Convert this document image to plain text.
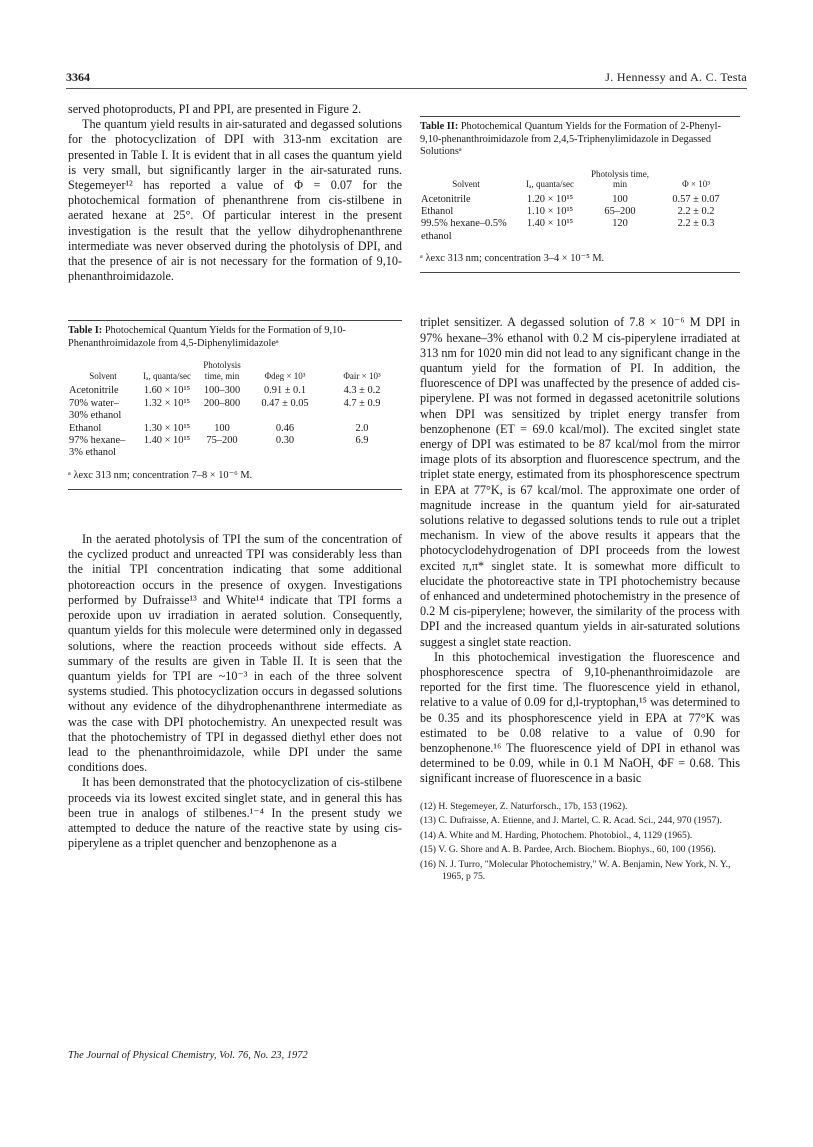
3364	J. Hennessy and A. C. Testa

served photoproducts, PI and PPI, are presented in Figure 2.

The quantum yield results in air-saturated and degassed solutions for the photocyclization of DPI with 313-nm excitation are presented in Table I. It is evident that in all cases the quantum yield is very small, but significantly larger in the air-saturated runs. Stegemeyer¹² has reported a value of Φ = 0.07 for the photochemical formation of phenanthrene from cis-stilbene in aerated hexane at 25°. Of particular interest in the present investigation is the result that the yellow dihydrophenanthrene intermediate was never observed during the photolysis of DPI, and that the presence of air is not necessary for the formation of 9,10-phenanthroimidazole.

Table I: Photochemical Quantum Yields for the Formation of 9,10-Phenanthroimidazole from 4,5-Diphenylimidazoleᵃ
Solvent	Iₐ, quanta/sec	Photolysis time, min	Φdeg × 10³	Φair × 10³
Acetonitrile	1.60 × 10¹⁵	100–300	0.91 ± 0.1	4.3 ± 0.2
70% water–30% ethanol	1.32 × 10¹⁵	200–800	0.47 ± 0.05	4.7 ± 0.9
Ethanol	1.30 × 10¹⁵	100	0.46	2.0
97% hexane–3% ethanol	1.40 × 10¹⁵	75–200	0.30	6.9
ᵃ λexc 313 nm; concentration 7–8 × 10⁻⁶ M.

In the aerated photolysis of TPI the sum of the concentration of the cyclized product and unreacted TPI was considerably less than the initial TPI concentration indicating that some additional photoreaction occurs in the presence of oxygen. Investigations performed by Dufraisse¹³ and White¹⁴ indicate that TPI forms a peroxide upon uv irradiation in aerated solution. Consequently, quantum yields for this molecule were determined only in degassed solutions, where the reaction proceeds without side effects. A summary of the results are given in Table II. It is seen that the quantum yields for TPI are ~10⁻³ in each of the three solvent systems studied. This photocyclization occurs in degassed solutions without any evidence of the dihydrophenanthrene intermediate as was the case with DPI photochemistry. An unexpected result was that the photochemistry of TPI in degassed diethyl ether does not lead to the phenanthroimidazole, while DPI under the same conditions does.

It has been demonstrated that the photocyclization of cis-stilbene proceeds via its lowest excited singlet state, and in general this has been true in analogs of stilbenes.¹⁻⁴ In the present study we attempted to deduce the nature of the reactive state by using cis-piperylene as a triplet quencher and benzophenone as a

Table II: Photochemical Quantum Yields for the Formation of 2-Phenyl-9,10-phenanthroimidazole from 2,4,5-Triphenylimidazole in Degassed Solutionsᵃ
Solvent	Iₐ, quanta/sec	Photolysis time, min	Φ × 10³
Acetonitrile	1.20 × 10¹⁵	100	0.57 ± 0.07
Ethanol	1.10 × 10¹⁵	65–200	2.2 ± 0.2
99.5% hexane–0.5% ethanol	1.40 × 10¹⁵	120	2.2 ± 0.3
ᵃ λexc 313 nm; concentration 3–4 × 10⁻⁵ M.

triplet sensitizer. A degassed solution of 7.8 × 10⁻⁶ M DPI in 97% hexane–3% ethanol with 0.2 M cis-piperylene irradiated at 313 nm for 1020 min did not lead to any significant change in the quantum yield for the formation of PI. In addition, the fluorescence of DPI was unaffected by the presence of added cis-piperylene. PI was not formed in degassed acetonitrile solutions when DPI was sensitized by triplet energy transfer from benzophenone (ET = 69.0 kcal/mol). The excited singlet state energy of DPI was estimated to be 87 kcal/mol from the mirror image plots of its absorption and fluorescence spectrum, and the triplet state energy, estimated from its phosphorescence spectrum in EPA at 77°K, is 67 kcal/mol. The approximate one order of magnitude increase in the quantum yield for air-saturated solutions relative to degassed solutions tends to rule out a triplet mechanism. In view of the above results it appears that the photocyclodehydrogenation of DPI proceeds from the lowest excited π,π* singlet state. It is somewhat more difficult to elucidate the photoreactive state in TPI photochemistry because of enhanced and undetermined photochemistry in the presence of 0.2 M cis-piperylene; however, the similarity of the process with DPI and the increased quantum yields in air-saturated solutions suggest a singlet state reaction.

In this photochemical investigation the fluorescence and phosphorescence spectra of 9,10-phenanthroimidazole are reported for the first time. The fluorescence yield in ethanol, relative to a value of 0.09 for d,l-tryptophan,¹⁵ was determined to be 0.35 and its phosphorescence yield in EPA at 77°K was estimated to be 0.08 relative to a value of 0.90 for benzophenone.¹⁶ The fluorescence yield of DPI in ethanol was determined to be 0.09, while in 0.1 M NaOH, ΦF = 0.68. This significant increase of fluorescence in a basic

(12) H. Stegemeyer, Z. Naturforsch., 17b, 153 (1962).
(13) C. Dufraisse, A. Etienne, and J. Martel, C. R. Acad. Sci., 244, 970 (1957).
(14) A. White and M. Harding, Photochem. Photobiol., 4, 1129 (1965).
(15) V. G. Shore and A. B. Pardee, Arch. Biochem. Biophys., 60, 100 (1956).
(16) N. J. Turro, "Molecular Photochemistry," W. A. Benjamin, New York, N. Y., 1965, p 75.
The Journal of Physical Chemistry, Vol. 76, No. 23, 1972
